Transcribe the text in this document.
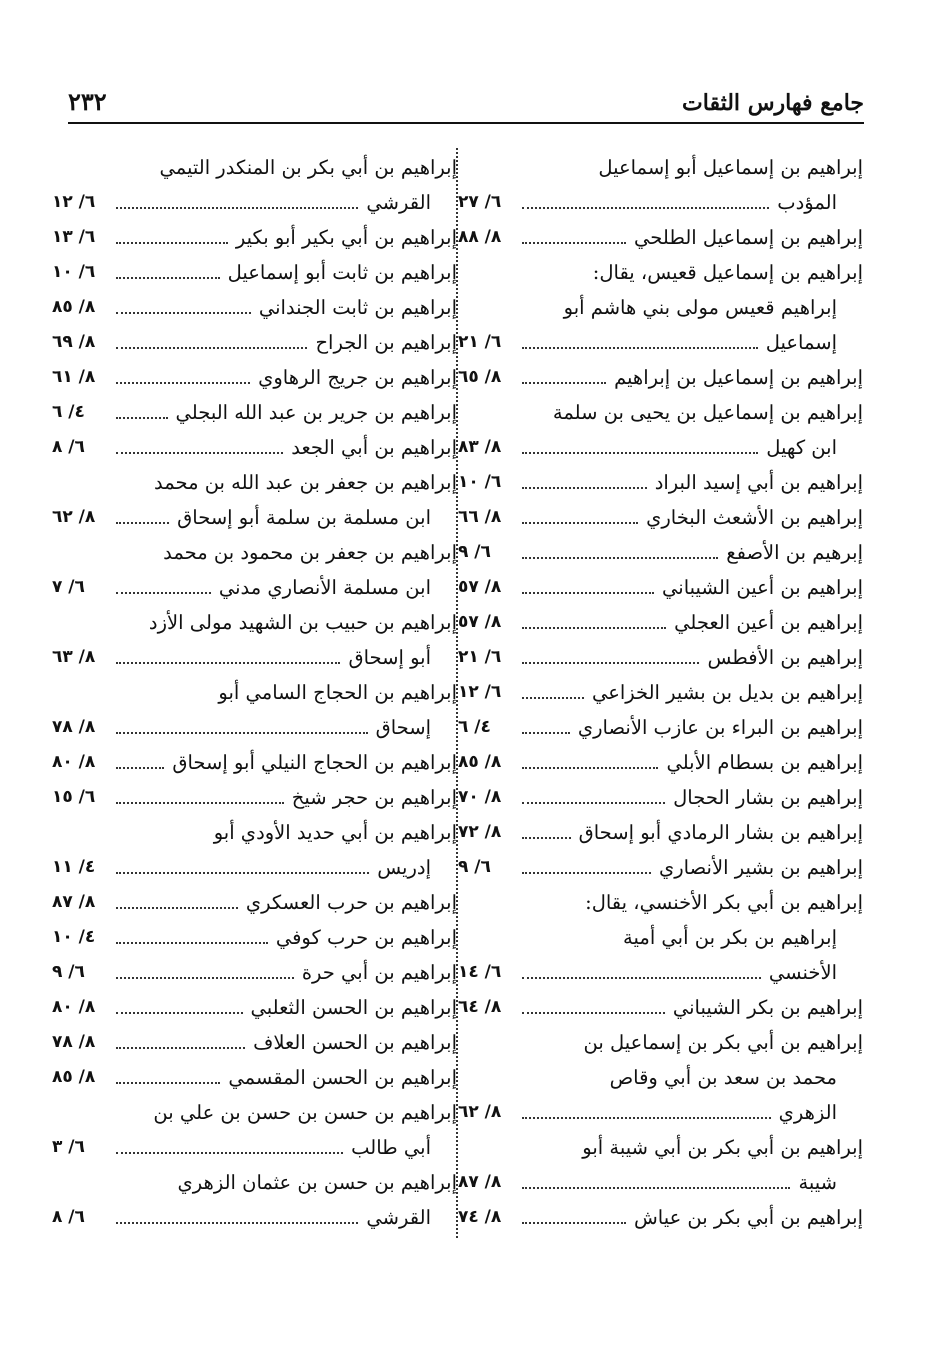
٢٣٢	جامع فهارس الثقات
إبراهيم بن إسماعيل أبو إسماعيل
المؤدب
٦/ ٢٧
إبراهيم بن إسماعيل الطلحي
٨/ ٨٨
إبراهيم بن إسماعيل قعيس، يقال:
إبراهيم قعيس مولى بني هاشم أبو
إسماعيل
٦/ ٢١
إبراهيم بن إسماعيل بن إبراهيم
٨/ ٦٥
إبراهيم بن إسماعيل بن يحيى بن سلمة
ابن كهيل
٨/ ٨٣
إبراهيم بن أبي إسيد البراد
٦/ ١٠
إبراهيم بن الأشعث البخاري
٨/ ٦٦
إبرهيم بن الأصفع
٦/ ٩
إبراهيم بن أعين الشيباني
٨/ ٥٧
إبراهيم بن أعين العجلي
٨/ ٥٧
إبراهيم بن الأفطس
٦/ ٢١
إبراهيم بن بديل بن بشير الخزاعي
٦/ ١٢
إبراهيم بن البراء بن عازب الأنصاري
٤/ ٦
إبراهيم بن بسطام الأبلي
٨/ ٨٥
إبراهيم بن بشار الحجال
٨/ ٧٠
إبراهيم بن بشار الرمادي أبو إسحاق
٨/ ٧٢
إبراهيم بن بشير الأنصاري
٦/ ٩
إبراهيم بن أبي بكر الأخنسي، يقال:
إبراهيم بن بكر بن أبي أمية
الأخنسي
٦/ ١٤
إبراهيم بن بكر الشيباني
٨/ ٦٤
إبراهيم بن أبي بكر بن إسماعيل بن
محمد بن سعد بن أبي وقاص
الزهري
٨/ ٦٢
إبراهيم بن أبي بكر بن أبي شيبة أبو
شيبة
٨/ ٨٧
إبراهيم بن أبي بكر بن عياش
٨/ ٧٤
إبراهيم بن أبي بكر بن المنكدر التيمي
القرشي
٦/ ١٢
إبراهيم بن أبي بكير أبو بكير
٦/ ١٣
إبراهيم بن ثابت أبو إسماعيل
٦/ ١٠
إبراهيم بن ثابت الجنداني
٨/ ٨٥
إبراهيم بن الجراح
٨/ ٦٩
إبراهيم بن جريج الرهاوي
٨/ ٦١
إبراهيم بن جرير بن عبد الله البجلي
٤/ ٦
إبراهيم بن أبي الجعد
٦/ ٨
إبراهيم بن جعفر بن عبد الله بن محمد
ابن مسلمة بن سلمة أبو إسحاق
٨/ ٦٢
إبراهيم بن جعفر بن محمود بن محمد
ابن مسلمة الأنصاري مدني
٦/ ٧
إبراهيم بن حبيب بن الشهيد مولى الأزد
أبو إسحاق
٨/ ٦٣
إبراهيم بن الحجاج السامي أبو
إسحاق
٨/ ٧٨
إبراهيم بن الحجاج النيلي أبو إسحاق
٨/ ٨٠
إبراهيم بن حجر شيخ
٦/ ١٥
إبراهيم بن أبي حديد الأودي أبو
إدريس
٤/ ١١
إبراهيم بن حرب العسكري
٨/ ٨٧
إبراهيم بن حرب كوفي
٤/ ١٠
إبراهيم بن أبي حرة
٦/ ٩
إبراهيم بن الحسن الثعلبي
٨/ ٨٠
إبراهيم بن الحسن العلاف
٨/ ٧٨
إبراهيم بن الحسن المقسمي
٨/ ٨٥
إبراهيم بن حسن بن حسن بن علي بن
أبي طالب
٦/ ٣
إبراهيم بن حسن بن عثمان الزهري
القرشي
٦/ ٨
